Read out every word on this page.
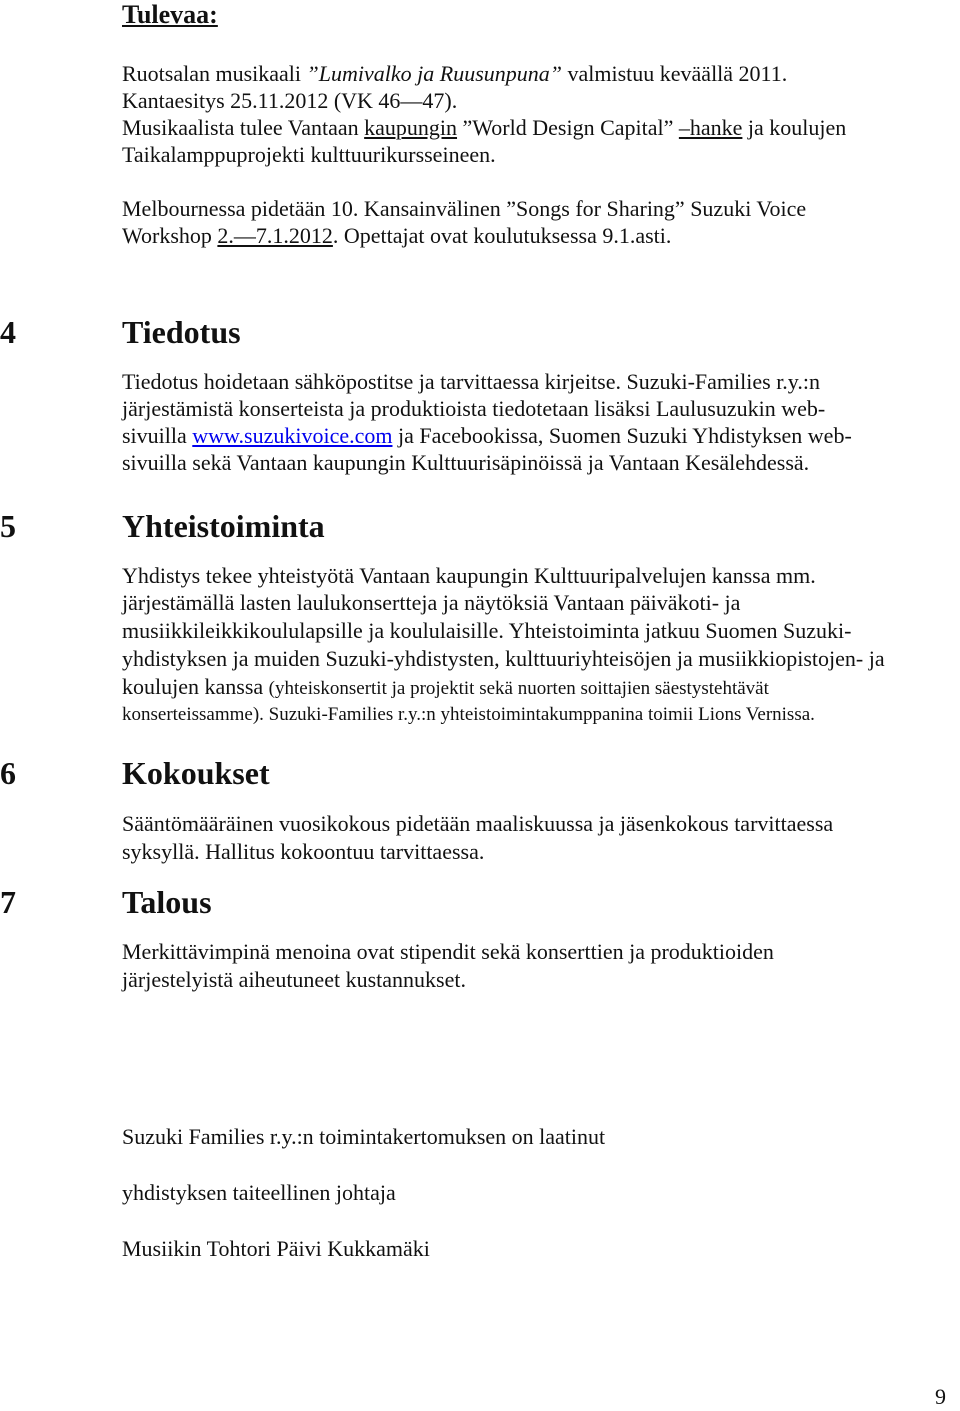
Tulevaa:
Ruotsalan musikaali ”Lumivalko ja Ruusunpuna” valmistuu keväällä 2011.
Kantaesitys 25.11.2012 (VK 46—47).
Musikaalista tulee Vantaan kaupungin ”World Design Capital” –hanke ja koulujen
Taikalamppuprojekti kulttuurikursseineen.
Melbournessa pidetään 10. Kansainvälinen ”Songs for Sharing” Suzuki Voice
Workshop 2.—7.1.2012. Opettajat ovat koulutuksessa 9.1.asti.
4	Tiedotus
Tiedotus hoidetaan sähköpostitse ja tarvittaessa kirjeitse. Suzuki-Families r.y.:n
järjestämistä konserteista ja produktioista tiedotetaan lisäksi Laulusuzukin web-
sivuilla www.suzukivoice.com ja Facebookissa, Suomen Suzuki Yhdistyksen web-
sivuilla sekä Vantaan kaupungin Kulttuurisäpinöissä ja Vantaan Kesälehdessä.
5	Yhteistoiminta
Yhdistys tekee yhteistyötä Vantaan kaupungin Kulttuuripalvelujen kanssa mm.
järjestämällä lasten laulukonsertteja ja näytöksiä Vantaan päiväkoti- ja
musiikkileikkikoululapsille ja koululaisille. Yhteistoiminta jatkuu Suomen Suzuki-
yhdistyksen ja muiden Suzuki-yhdistysten, kulttuuriyhteisöjen ja musiikkiopistojen- ja
koulujen kanssa (yhteiskonsertit ja projektit sekä nuorten soittajien säestystehtävät
konserteissamme). Suzuki-Families r.y.:n yhteistoimintakumppanina toimii Lions Vernissa.
6	Kokoukset
Sääntömääräinen vuosikokous pidetään maaliskuussa ja jäsenkokous tarvittaessa
syksyllä. Hallitus kokoontuu tarvittaessa.
7	Talous
Merkittävimpinä menoina ovat stipendit sekä konserttien ja produktioiden
järjestelyistä aiheutuneet kustannukset.
Suzuki Families r.y.:n toimintakertomuksen on laatinut
yhdistyksen taiteellinen johtaja
Musiikin Tohtori Päivi Kukkamäki
9
